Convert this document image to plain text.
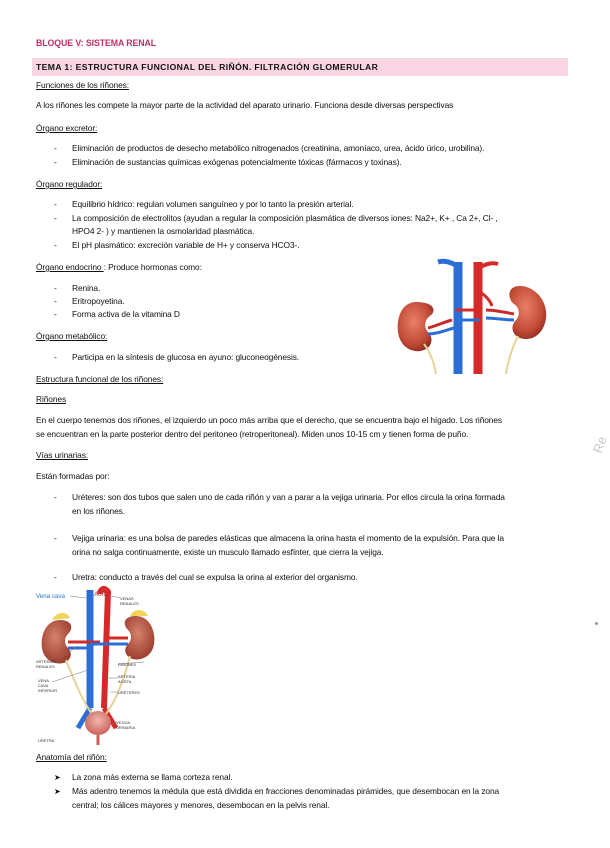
BLOQUE V: SISTEMA RENAL
TEMA 1: ESTRUCTURA FUNCIONAL DEL RIÑÓN. FILTRACIÓN GLOMERULAR
Funciones de los riñones:
A los riñones les compete la mayor parte de la actividad del aparato urinario. Funciona desde diversas perspectivas
Órgano excretor:
- Eliminación de productos de desecho metabólico nitrogenados (creatinina, amoníaco, urea, ácido úrico, urobilina).
- Eliminación de sustancias químicas exógenas potencialmente tóxicas (fármacos y toxinas).
Órgano regulador:
- Equilibrio hídrico: regulan volumen sanguíneo y por lo tanto la presión arterial.
- La composición de electrolitos (ayudan a regular la composición plasmática de diversos iones: Na2+, K+ , Ca 2+, Cl- ,
HPO4 2- ) y mantienen la osmolaridad plasmática.
- El pH plasmático: excreción variable de H+ y conserva HCO3-.
Órgano endocrino : Produce hormonas como:
- Renina.
- Eritropoyetina.
- Forma activa de la vitamina D
Órgano metabólico:
- Participa en la síntesis de glucosa en ayuno: gluconeogénesis.
Estructura funcional de los riñones:
Riñones
En el cuerpo tenemos dos riñones, el izquierdo un poco más arriba que el derecho, que se encuentra bajo el hígado. Los riñones
se encuentran en la parte posterior dentro del peritoneo (retroperitoneal). Miden unos 10-15 cm y tienen forma de puño.
Vías urinarias:
Están formadas por:
- Uréteres: son dos tubos que salen uno de cada riñón y van a parar a la vejiga urinaria. Por ellos circula la orina formada
en los riñones.
- Vejiga urinaria: es una bolsa de paredes elásticas que almacena la orina hasta el momento de la expulsión. Para que la
orina no salga continuamente, existe un musculo llamado esfínter, que cierra la vejiga.
- Uretra: conducto a través del cual se expulsa la orina al exterior del organismo.
Vena cava	Aorta
VENAS
RENALES
ARTERIAS
RENALES	RIÑONES
VENA
CAVA
INFERIOR
ARTERIA
AORTA
URÉTERES
VEJIGA
URINARIA
URETRA
Anatomía del riñón:
➤ La zona más externa se llama corteza renal.
➤ Más adentro tenemos la médula que está dividida en fracciones denominadas pirámides, que desembocan en la zona
central; los cálices mayores y menores, desembocan en la pelvis renal.
Re
